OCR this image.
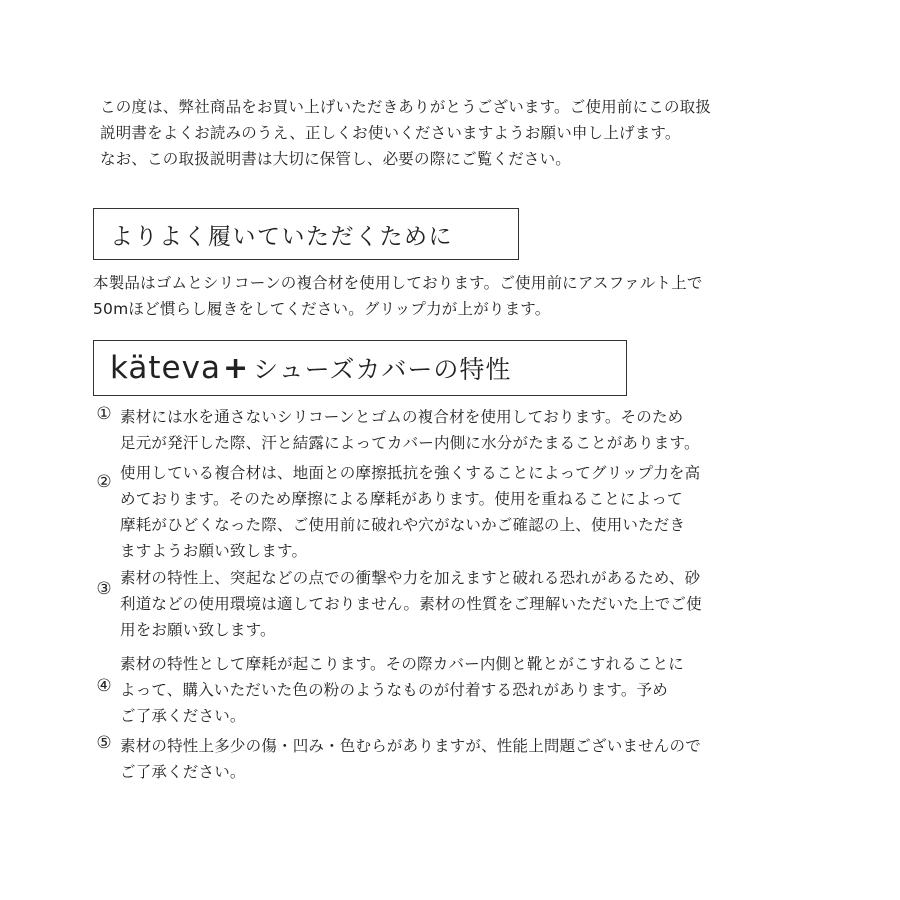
この度は、弊社商品をお買い上げいただきありがとうございます。ご使用前にこの取扱
説明書をよくお読みのうえ、正しくお使いくださいますようお願い申し上げます。
なお、この取扱説明書は大切に保管し、必要の際にご覧ください。
よりよく履いていただくために
本製品はゴムとシリコーンの複合材を使用しております。ご使用前にアスファルト上で
50mほど慣らし履きをしてください。グリップ力が上がります。
käteva + シューズカバーの特性
① 素材には水を通さないシリコーンとゴムの複合材を使用しております。そのため
足元が発汗した際、汗と結露によってカバー内側に水分がたまることがあります。
② 使用している複合材は、地面との摩擦抵抗を強くすることによってグリップ力を高
めております。そのため摩擦による摩耗があります。使用を重ねることによって
摩耗がひどくなった際、ご使用前に破れや穴がないかご確認の上、使用いただき
ますようお願い致します。
③
素材の特性上、突起などの点での衝撃や力を加えますと破れる恐れがあるため、砂
利道などの使用環境は適しておりません。素材の性質をご理解いただいた上でご使
用をお願い致します。
④
素材の特性として摩耗が起こります。その際カバー内側と靴とがこすれることに
よって、購入いただいた色の粉のようなものが付着する恐れがあります。予め
ご了承ください。
⑤ 素材の特性上多少の傷・凹み・色むらがありますが、性能上問題ございませんので
ご了承ください。
